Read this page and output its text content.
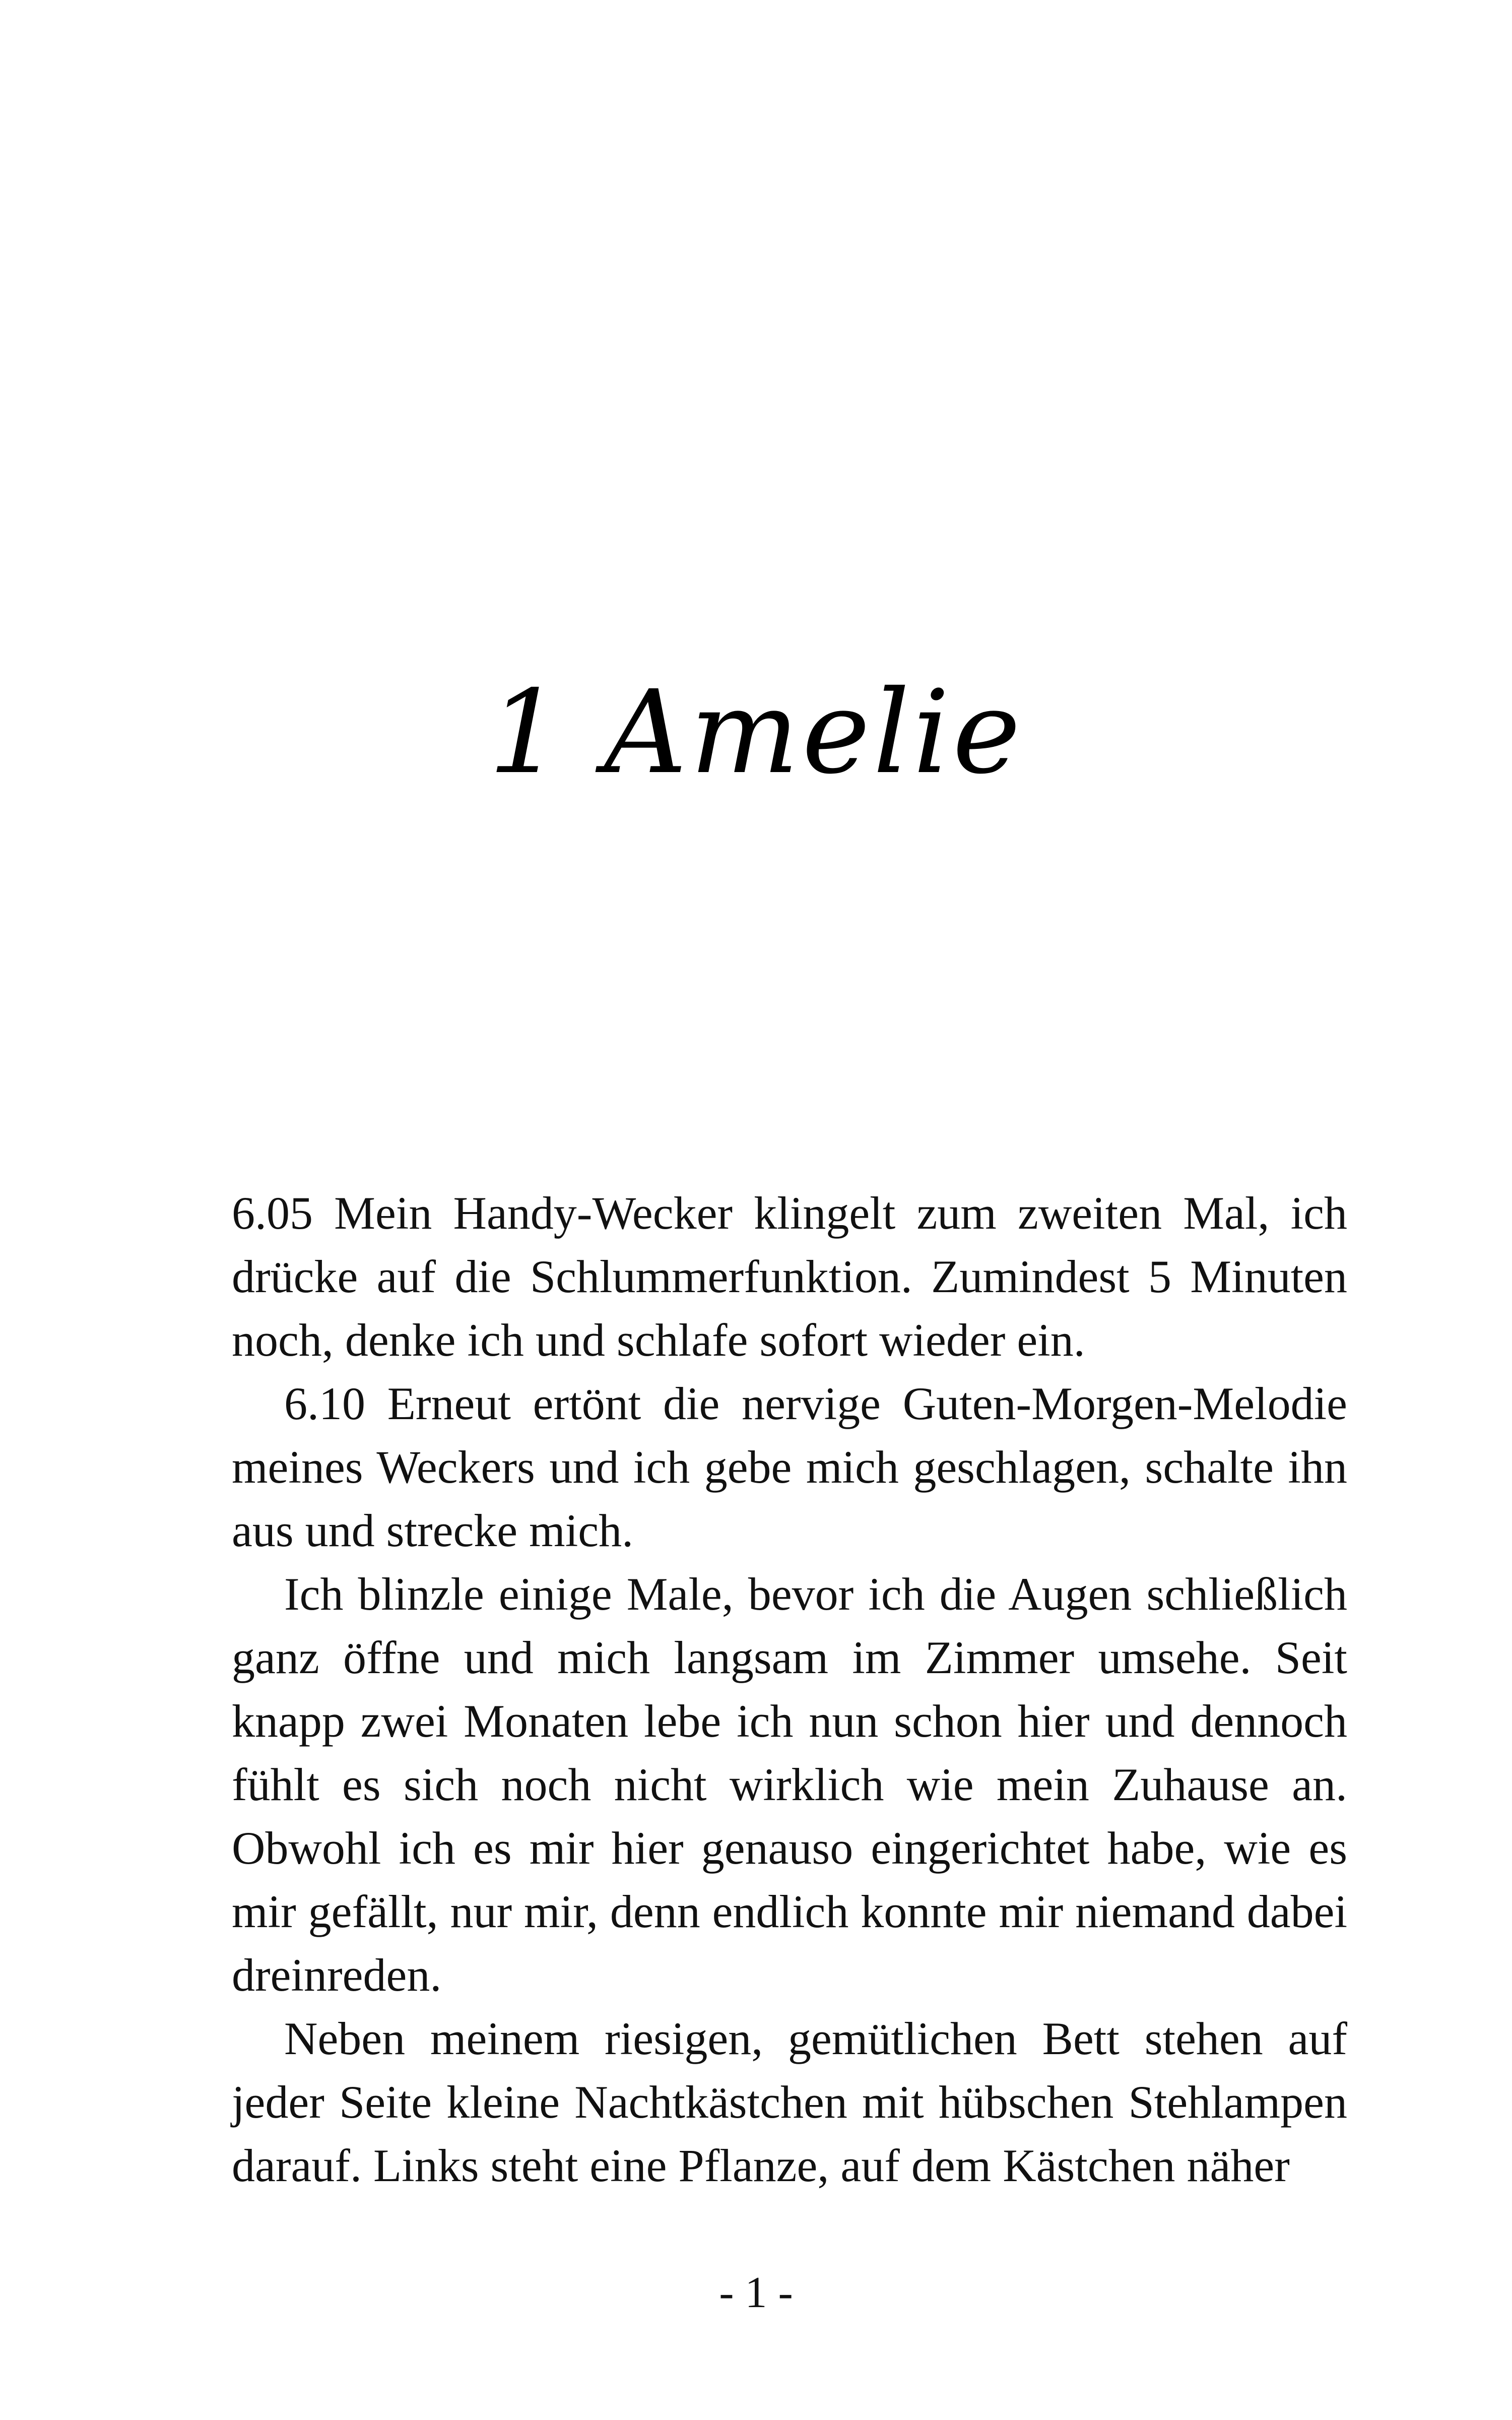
1 Amelie

6.05 Mein Handy-Wecker klingelt zum zweiten Mal, ich drücke auf die Schlummerfunktion. Zumindest 5 Minuten noch, denke ich und schlafe sofort wieder ein.

6.10 Erneut ertönt die nervige Guten-Morgen-Melodie meines Weckers und ich gebe mich geschlagen, schalte ihn aus und strecke mich.

Ich blinzle einige Male, bevor ich die Augen schließlich ganz öffne und mich langsam im Zimmer umsehe. Seit knapp zwei Monaten lebe ich nun schon hier und dennoch fühlt es sich noch nicht wirklich wie mein Zuhause an. Obwohl ich es mir hier genauso eingerichtet habe, wie es mir gefällt, nur mir, denn endlich konnte mir niemand dabei dreinreden.

Neben meinem riesigen, gemütlichen Bett stehen auf jeder Seite kleine Nachtkästchen mit hübschen Stehlampen darauf. Links steht eine Pflanze, auf dem Kästchen näher

- 1 -
